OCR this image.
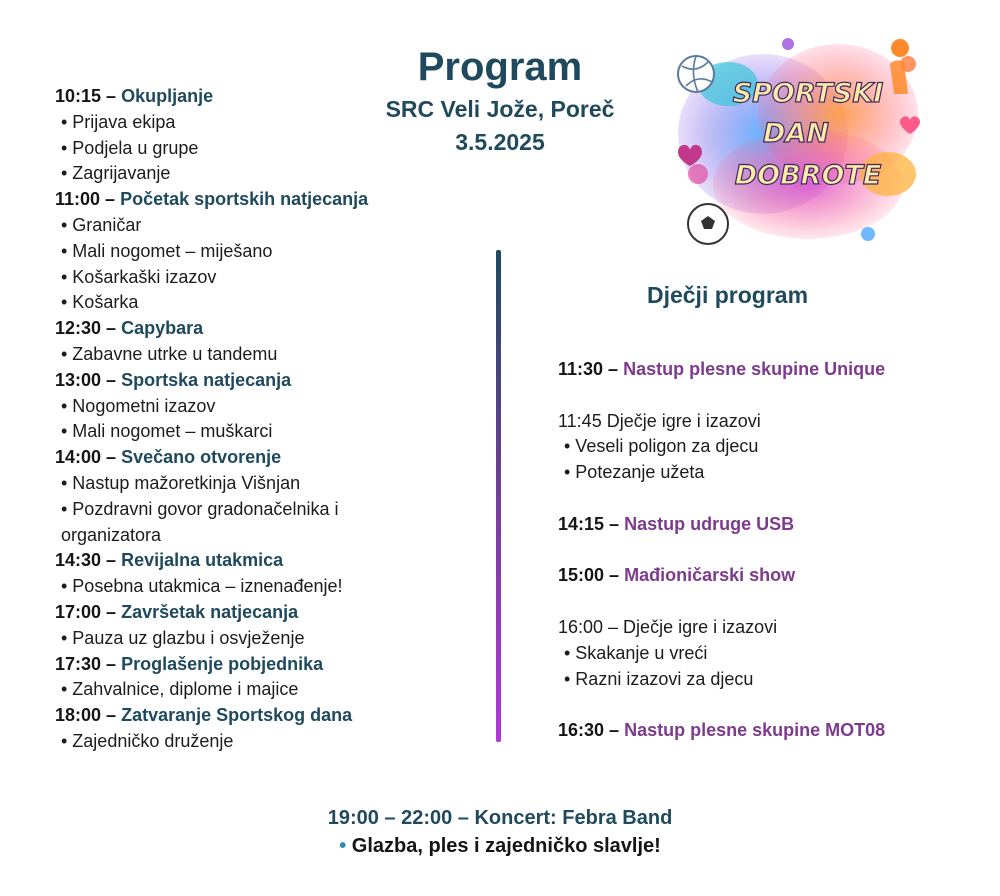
Program
SRC Veli Jože, Poreč
3.5.2025
SPORTSKI
DAN
DOBROTE
10:15 – Okupljanje
• Prijava ekipa
• Podjela u grupe
• Zagrijavanje
11:00 – Početak sportskih natjecanja
• Graničar
• Mali nogomet – miješano
• Košarkaški izazov
• Košarka
12:30 – Capybara
• Zabavne utrke u tandemu
13:00 – Sportska natjecanja
• Nogometni izazov
• Mali nogomet – muškarci
14:00 – Svečano otvorenje
• Nastup mažoretkinja Višnjan
• Pozdravni govor gradonačelnika i organizatora
14:30 – Revijalna utakmica
• Posebna utakmica – iznenađenje!
17:00 – Završetak natjecanja
• Pauza uz glazbu i osvježenje
17:30 – Proglašenje pobjednika
• Zahvalnice, diplome i majice
18:00 – Zatvaranje Sportskog dana
• Zajedničko druženje
Dječji program
11:30 – Nastup plesne skupine Unique
11:45 Dječje igre i izazovi
• Veseli poligon za djecu
• Potezanje užeta
14:15 – Nastup udruge USB
15:00 – Mađioničarski show
16:00 – Dječje igre i izazovi
• Skakanje u vreći
• Razni izazovi za djecu
16:30 – Nastup plesne skupine MOT08
19:00 – 22:00 – Koncert: Febra Band
• Glazba, ples i zajedničko slavlje!
